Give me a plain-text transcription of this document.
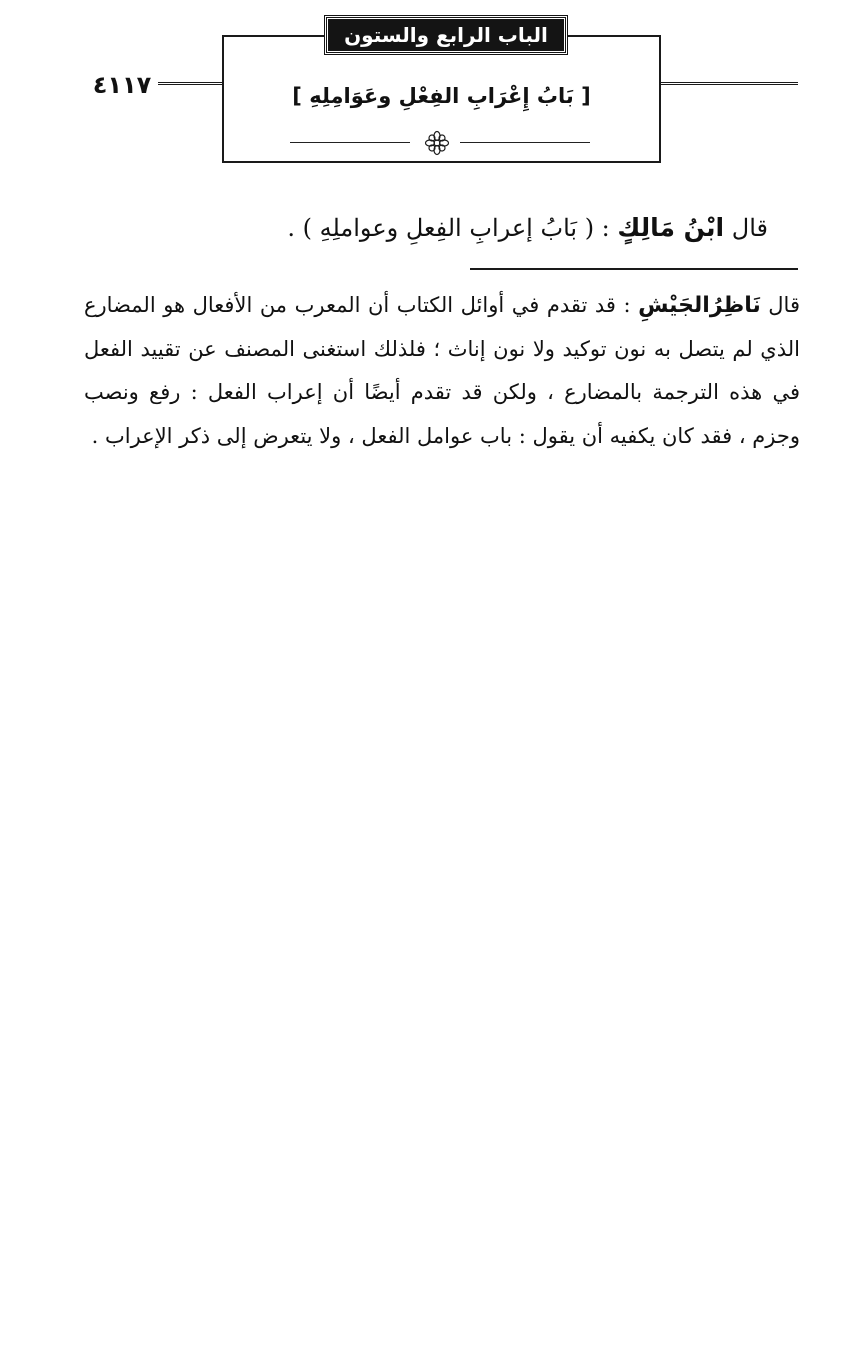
الباب الرابع والستون
٤١١٧	[ بَابُ إِعْرَابِ الفِعْلِ وعَوَامِلِهِ ]
قال ابْنُ مَالِكٍ : ( بَابُ إعرابِ الفِعلِ وعواملِهِ ) .
قال نَاظِرُالجَيْشِ : قد تقدم في أوائل الكتاب أن المعرب من الأفعال هو المضارع الذي لم يتصل به نون توكيد ولا نون إناث ؛ فلذلك استغنى المصنف عن تقييد الفعل في هذه الترجمة بالمضارع ، ولكن قد تقدم أيضًا أن إعراب الفعل : رفع ونصب وجزم ، فقد كان يكفيه أن يقول : باب عوامل الفعل ، ولا يتعرض إلى ذكر الإعراب .
